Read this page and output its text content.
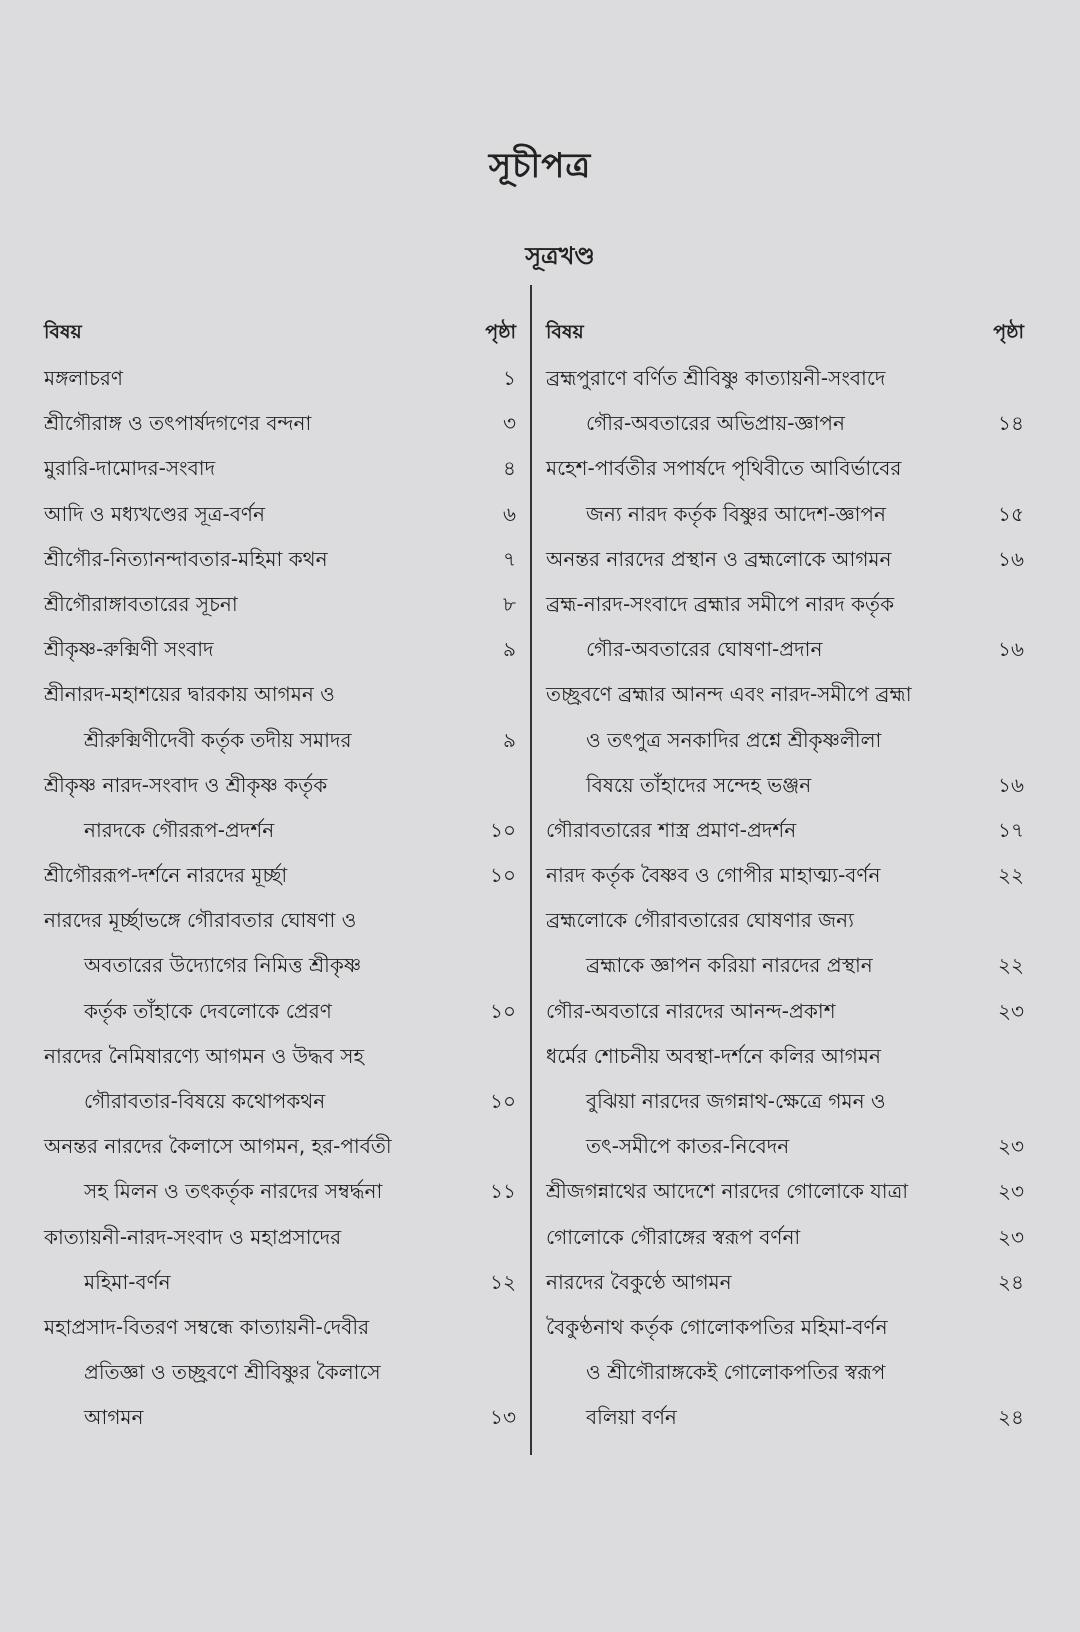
সূচীপত্র
সূত্রখণ্ড
বিষয়	পৃষ্ঠা
মঙ্গলাচরণ	১
শ্রীগৌরাঙ্গ ও তৎপার্ষদগণের বন্দনা	৩
মুরারি-দামোদর-সংবাদ	৪
আদি ও মধ্যখণ্ডের সূত্র-বর্ণন	৬
শ্রীগৌর-নিত্যানন্দাবতার-মহিমা কথন	৭
শ্রীগৌরাঙ্গাবতারের সূচনা	৮
শ্রীকৃষ্ণ-রুক্মিণী সংবাদ	৯
শ্রীনারদ-মহাশয়ের দ্বারকায় আগমন ও
শ্রীরুক্মিণীদেবী কর্তৃক তদীয় সমাদর	৯
শ্রীকৃষ্ণ নারদ-সংবাদ ও শ্রীকৃষ্ণ কর্তৃক
নারদকে গৌররূপ-প্রদর্শন	১০
শ্রীগৌররূপ-দর্শনে নারদের মূর্চ্ছা	১০
নারদের মূর্চ্ছাভঙ্গে গৌরাবতার ঘোষণা ও
অবতারের উদ্যোগের নিমিত্ত শ্রীকৃষ্ণ
কর্তৃক তাঁহাকে দেবলোকে প্রেরণ	১০
নারদের নৈমিষারণ্যে আগমন ও উদ্ধব সহ
গৌরাবতার-বিষয়ে কথোপকথন	১০
অনন্তর নারদের কৈলাসে আগমন, হর-পার্বতী
সহ মিলন ও তৎকর্তৃক নারদের সম্বর্দ্ধনা	১১
কাত্যায়নী-নারদ-সংবাদ ও মহাপ্রসাদের
মহিমা-বর্ণন	১২
মহাপ্রসাদ-বিতরণ সম্বন্ধে কাত্যায়নী-দেবীর
প্রতিজ্ঞা ও তচ্ছ্রবণে শ্রীবিষ্ণুর কৈলাসে
আগমন	১৩
বিষয়	পৃষ্ঠা
ব্রহ্মপুরাণে বর্ণিত শ্রীবিষ্ণু কাত্যায়নী-সংবাদে
গৌর-অবতারের অভিপ্রায়-জ্ঞাপন	১৪
মহেশ-পার্বতীর সপার্ষদে পৃথিবীতে আবির্ভাবের
জন্য নারদ কর্তৃক বিষ্ণুর আদেশ-জ্ঞাপন	১৫
অনন্তর নারদের প্রস্থান ও ব্রহ্মলোকে আগমন	১৬
ব্রহ্ম-নারদ-সংবাদে ব্রহ্মার সমীপে নারদ কর্তৃক
গৌর-অবতারের ঘোষণা-প্রদান	১৬
তচ্ছ্রবণে ব্রহ্মার আনন্দ এবং নারদ-সমীপে ব্রহ্মা
ও তৎপুত্র সনকাদির প্রশ্নে শ্রীকৃষ্ণলীলা
বিষয়ে তাঁহাদের সন্দেহ ভঞ্জন	১৬
গৌরাবতারের শাস্ত্র প্রমাণ-প্রদর্শন	১৭
নারদ কর্তৃক বৈষ্ণব ও গোপীর মাহাত্ম্য-বর্ণন	২২
ব্রহ্মলোকে গৌরাবতারের ঘোষণার জন্য
ব্রহ্মাকে জ্ঞাপন করিয়া নারদের প্রস্থান	২২
গৌর-অবতারে নারদের আনন্দ-প্রকাশ	২৩
ধর্মের শোচনীয় অবস্থা-দর্শনে কলির আগমন
বুঝিয়া নারদের জগন্নাথ-ক্ষেত্রে গমন ও
তৎ-সমীপে কাতর-নিবেদন	২৩
শ্রীজগন্নাথের আদেশে নারদের গোলোকে যাত্রা	২৩
গোলোকে গৌরাঙ্গের স্বরূপ বর্ণনা	২৩
নারদের বৈকুণ্ঠে আগমন	২৪
বৈকুণ্ঠনাথ কর্তৃক গোলোকপতির মহিমা-বর্ণন
ও শ্রীগৌরাঙ্গকেই গোলোকপতির স্বরূপ
বলিয়া বর্ণন	২৪
